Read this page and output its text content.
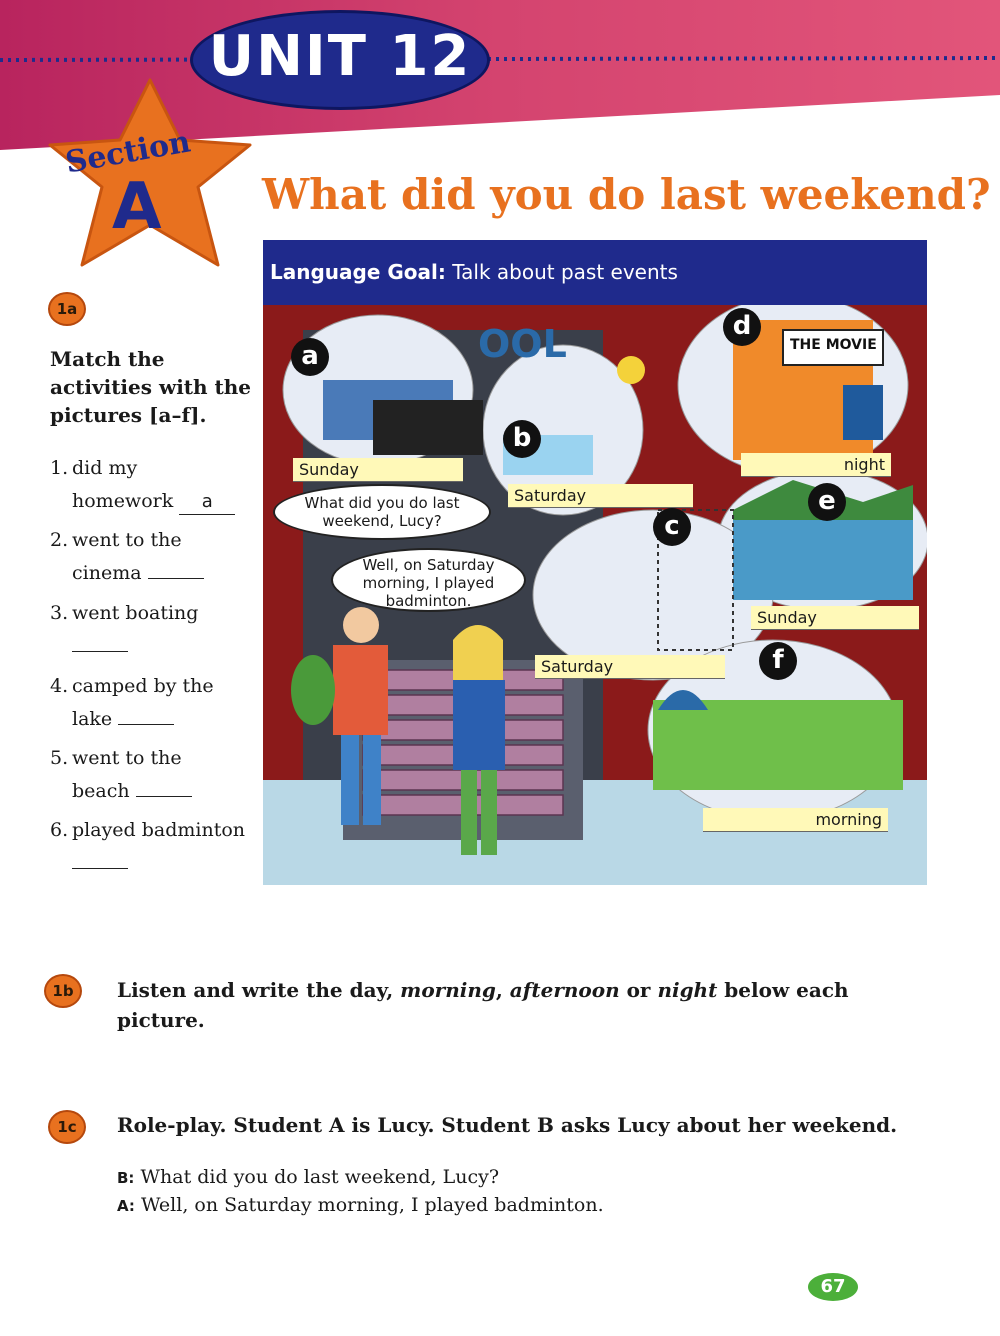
UNIT 12
Section
A What did you do last weekend?
1a
Match the activities with the pictures [a–f].
1. did my
homework a
2. went to the
cinema
3. went boating
4. camped by the
lake
5. went to the
beach
6. played badminton
Language Goal: Talk about past events
THE MOVIE
OOL
a
b
c
d
e
f
Sunday
Saturday
Saturday
night
Sunday
morning
What did you do last weekend, Lucy?
Well, on Saturday morning, I played badminton.
1b	Listen and write the day, morning, afternoon or night below each picture.
1c	Role-play. Student A is Lucy. Student B asks Lucy about her weekend.
B: What did you do last weekend, Lucy?
A: Well, on Saturday morning, I played badminton.
67
